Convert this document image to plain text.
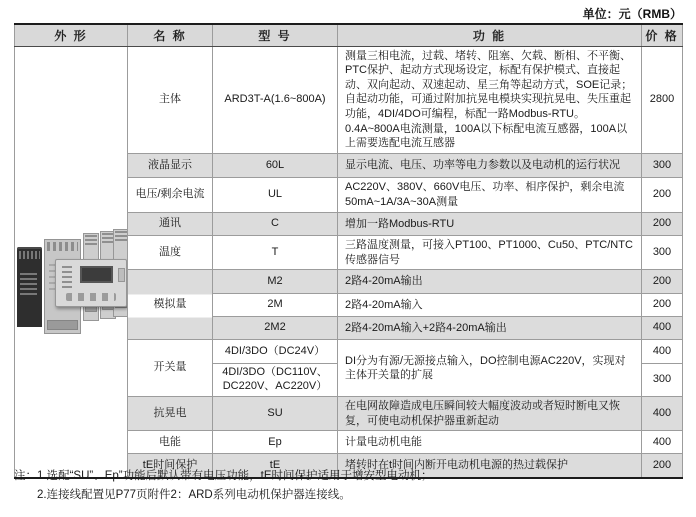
单位：元（RMB）
外 形	名 称	型 号	功 能	价 格

	主体	ARD3T-A(1.6~800A)	测量三相电流，过载、堵转、阻塞、欠载、断相、不平衡、PTC保护、起动方式现场设定，标配有保护模式、直接起动、双向起动、双速起动、星三角等起动方式，SOE记录；自起动功能，可通过附加抗晃电模块实现抗晃电、失压重起功能，4DI/4DO可编程，标配一路Modbus-RTU。0.4A~800A电流测量，100A以下标配电流互感器，100A以上需要选配电流互感器	2800
	液晶显示	60L	显示电流、电压、功率等电力参数以及电动机的运行状况	300
	电压/剩余电流	UL	AC220V、380V、660V电压、功率、相序保护，剩余电流50mA~1A/3A~30A测量	200
	通讯	C	增加一路Modbus-RTU	200
	温度	T	三路温度测量，可接入PT100、PT1000、Cu50、PTC/NTC传感器信号	300
	模拟量	M2	2路4-20mA输出	200
		2M	2路4-20mA输入	200
		2M2	2路4-20mA输入+2路4-20mA输出	400
	开关量	4DI/3DO（DC24V）	DI分为有源/无源接点输入，DO控制电源AC220V，实现对主体开关量的扩展	400
		4DI/3DO（DC110V、DC220V、AC220V）		300
	抗晃电	SU	在电网故障造成电压瞬间较大幅度波动或者短时断电又恢复，可使电动机保护器重新起动	400
	电能	Ep	计量电动机电能	400
	tE时间保护	tE	堵转时在t时间内断开电动机电源的热过载保护	200
注： 1.选配“SU”、Ep”功能后默认带有电压功能，tE时间保护适用于增安型电动机；
2.连接线配置见P77页附件2：ARD系列电动机保护器连接线。
